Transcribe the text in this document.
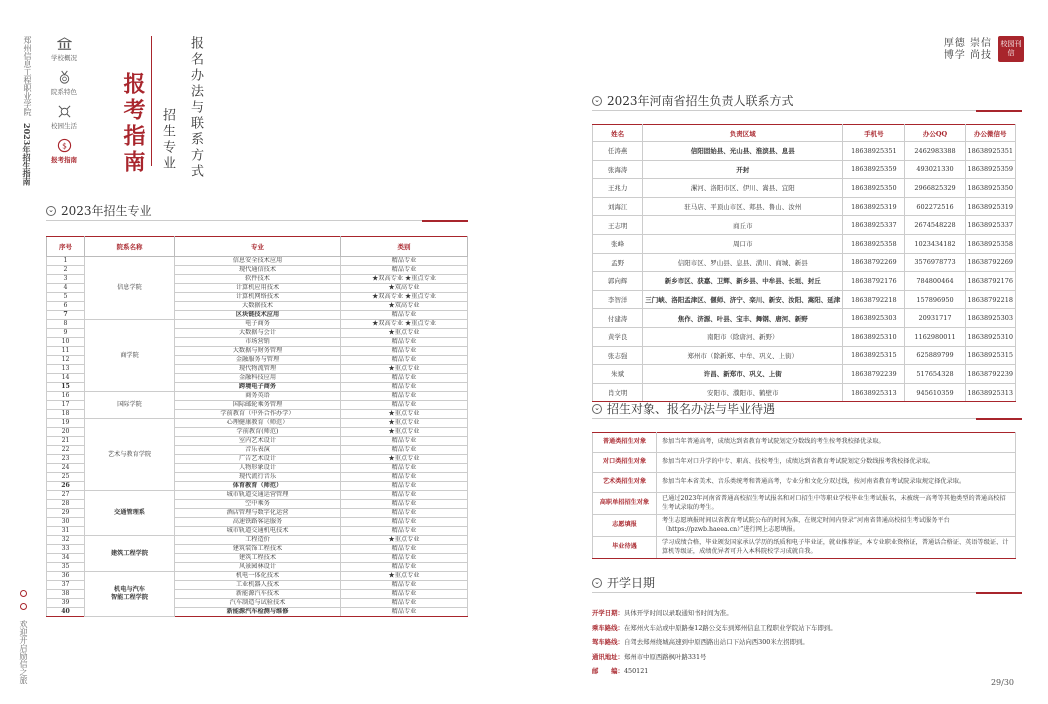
郑州信息工程职业学院 2023年招生指南
欢迎开启励信之旅
学校概况
院系特色
校园生活
$
报考指南 报考指南 招生专业 报名办法与联系方式
⌄ 2023年招生专业
序号	院系名称	专业	类别
1	信息学院	信息安全技术应用	精品专业
2		现代通信技术	精品专业
3		软件技术	★双高专业 ★重点专业
4		计算机应用技术	★双高专业
5		计算机网络技术	★双高专业 ★重点专业
6		大数据技术	★双高专业
7		区块链技术应用	精品专业
8	商学院	电子商务	★双高专业 ★重点专业
9		大数据与会计	★重点专业
10		市场营销	精品专业
11		大数据与财务管理	精品专业
12		金融服务与管理	精品专业
13		现代物流管理	★重点专业
14		金融科技应用	精品专业
15		跨境电子商务	精品专业
16	国际学院	商务英语	精品专业
17		国际邮轮乘务管理	精品专业
18		学前教育（中外合作办学）	★重点专业
19	艺术与教育学院	心理健康教育（师范）	★重点专业
20		学前教育(师范)	★重点专业
21		室内艺术设计	精品专业
22		音乐表演	精品专业
23		广告艺术设计	★重点专业
24		人物形象设计	精品专业
25		现代流行音乐	精品专业
26		体育教育（师范）	精品专业
27	交通管理系	城市轨道交通运营管理	精品专业
28		空中乘务	精品专业
29		酒店管理与数字化运营	精品专业
30		高速铁路客运服务	精品专业
31		城市轨道交通机电技术	精品专业
32	建筑工程学院	工程造价	★重点专业
33		建筑装饰工程技术	精品专业
34		建筑工程技术	精品专业
35		风景园林设计	精品专业
36	机电与汽车
智能工程学院	机电一体化技术	★重点专业
37		工业机器人技术	精品专业
38		新能源汽车技术	精品专业
39		汽车制造与试验技术	精品专业
40		新能源汽车检测与维修	精品专业
厚德 崇信
博学 尚技
校园刊信
⌄ 2023年河南省招生负责人联系方式
姓名	负责区域	手机号	办公QQ	办公微信号
任涛燕	信阳固始县、光山县、淮滨县、息县	18638925351	2462983388	18638925351
张海涛	开封	18638925359	493021330	18638925359
王兆力	漯河、洛阳市区、伊川、嵩县、宜阳	18638925350	2966825329	18638925350
刘海江	驻马店、平顶山市区、郏县、鲁山、汝州	18638925319	602272516	18638925319
王志明	商丘市	18638925337	2674548228	18638925337
张峰	周口市	18638925358	1023434182	18638925358
孟野	信阳市区、罗山县、息县、潢川、商城、新县	18638792269	3576978773	18638792269
郭向辉	新乡市区、获嘉、卫辉、新乡县、中牟县、长垣、封丘	18638792176	784800464	18638792176
李智洋	三门峡、洛阳孟津区、偃师、济宁、栾川、新安、汝阳、嵩阳、延津	18638792218	157896950	18638792218
付建涛	焦作、济源、叶县、宝丰、舞钢、唐河、新野	18638925303	20931717	18638925303
黄学良	南阳市（除唐河、新野）	18638925310	1162980011	18638925310
张志强	郑州市（除新郑、中牟、巩义、上街）	18638925315	625889799	18638925315
朱斌	许昌、新郑市、巩义、上街	18638792239	517654328	18638792239
肖文明	安阳市、濮阳市、鹤壁市	18638925313	945610359	18638925313
⌄ 招生对象、报名办法与毕业待遇
普通类招生对象	参加当年普通高考，成绩达到省教育考试院划定分数线的考生按考我校择优录取。
对口类招生对象	参加当年对口升学的中专、职高、技校考生，成绩达到省教育考试院划定分数线报考我校择优录取。
艺术类招生对象	参加当年本省美术、音乐类统考和普通高考，专业分和文化分双过线，按河南省教育考试院录取规定择优录取。
高职单招招生对象	已通过2023年河南省普通高校招生考试报名和对口招生中等职业学校毕业生考试报名，未被统一高考等其他类型的普通高校招生考试录取的考生。
志愿填报	考生志愿填报时间以省教育考试院公布的时间为准，在规定时间内登录“河南省普通高校招生考试服务平台（https://pzwb.haeea.cn）”进行网上志愿填报。
毕业待遇	学习成绩合格，毕业颁发国家承认学历的纸质和电子毕业证，就业推荐证，本专业职业资格证，普通话合格证、英语等级证、计算机等级证，成绩优异者可升入本科院校学习成就自我。
⌄ 开学日期
开学日期：具体开学时间以录取通知书时间为准。
乘车路线：在郑州火车站或中原路秦12路公交车到郑州信息工程职业学院站下车即到。
驾车路线：自驾去郑州绕城高速到中原西路出站口下站向西300米左拐即到。
通讯地址：郑州市中原西路枫叶路331号
邮　　编：450121
29/30
